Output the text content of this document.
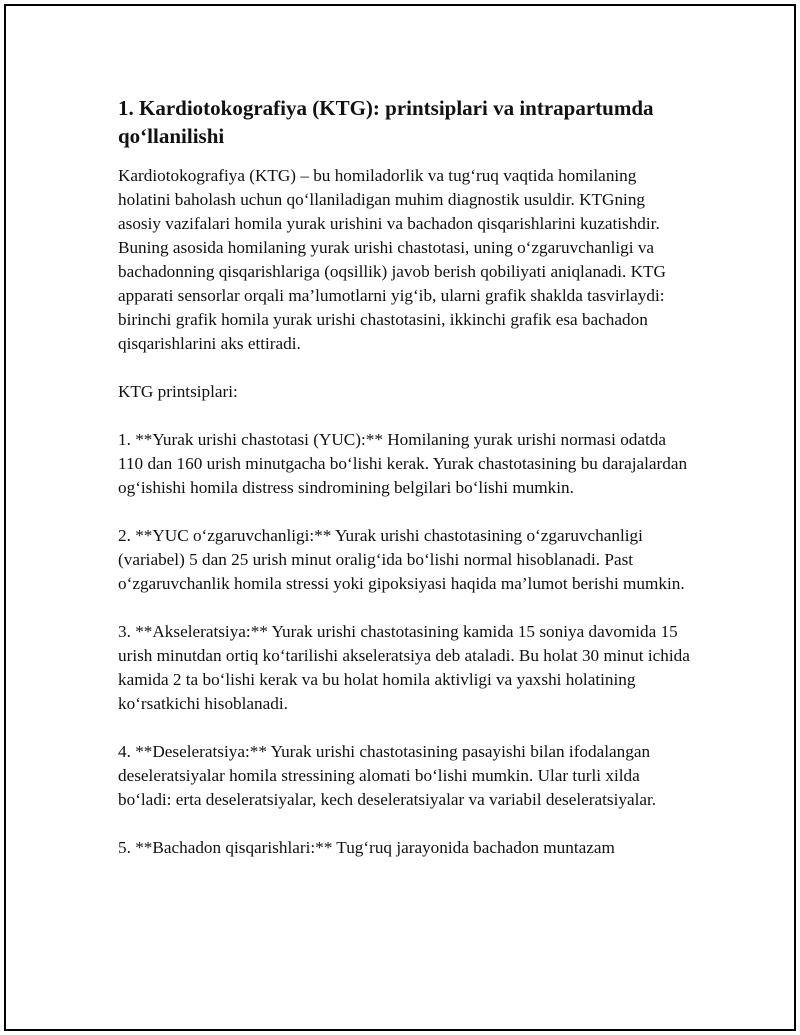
1. Kardiotokografiya (KTG): printsiplari va intrapartumda qo‘llanilishi

Kardiotokografiya (KTG) – bu homiladorlik va tug‘ruq vaqtida homilaning holatini baholash uchun qo‘llaniladigan muhim diagnostik usuldir. KTGning asosiy vazifalari homila yurak urishini va bachadon qisqarishlarini kuzatishdir. Buning asosida homilaning yurak urishi chastotasi, uning o‘zgaruvchanligi va bachadonning qisqarishlariga (oqsillik) javob berish qobiliyati aniqlanadi. KTG apparati sensorlar orqali ma’lumotlarni yig‘ib, ularni grafik shaklda tasvirlaydi: birinchi grafik homila yurak urishi chastotasini, ikkinchi grafik esa bachadon qisqarishlarini aks ettiradi.

KTG printsiplari:

1. **Yurak urishi chastotasi (YUC):** Homilaning yurak urishi normasi odatda 110 dan 160 urish minutgacha bo‘lishi kerak. Yurak chastotasining bu darajalardan og‘ishishi homila distress sindromining belgilari bo‘lishi mumkin.

2. **YUC o‘zgaruvchanligi:** Yurak urishi chastotasining o‘zgaruvchanligi (variabel) 5 dan 25 urish minut oralig‘ida bo‘lishi normal hisoblanadi. Past o‘zgaruvchanlik homila stressi yoki gipoksiyasi haqida ma’lumot berishi mumkin.

3. **Akseleratsiya:** Yurak urishi chastotasining kamida 15 soniya davomida 15 urish minutdan ortiq ko‘tarilishi akseleratsiya deb ataladi. Bu holat 30 minut ichida kamida 2 ta bo‘lishi kerak va bu holat homila aktivligi va yaxshi holatining ko‘rsatkichi hisoblanadi.

4. **Deseleratsiya:** Yurak urishi chastotasining pasayishi bilan ifodalangan deseleratsiyalar homila stressining alomati bo‘lishi mumkin. Ular turli xilda bo‘ladi: erta deseleratsiyalar, kech deseleratsiyalar va variabil deseleratsiyalar.

5. **Bachadon qisqarishlari:** Tug‘ruq jarayonida bachadon muntazam
